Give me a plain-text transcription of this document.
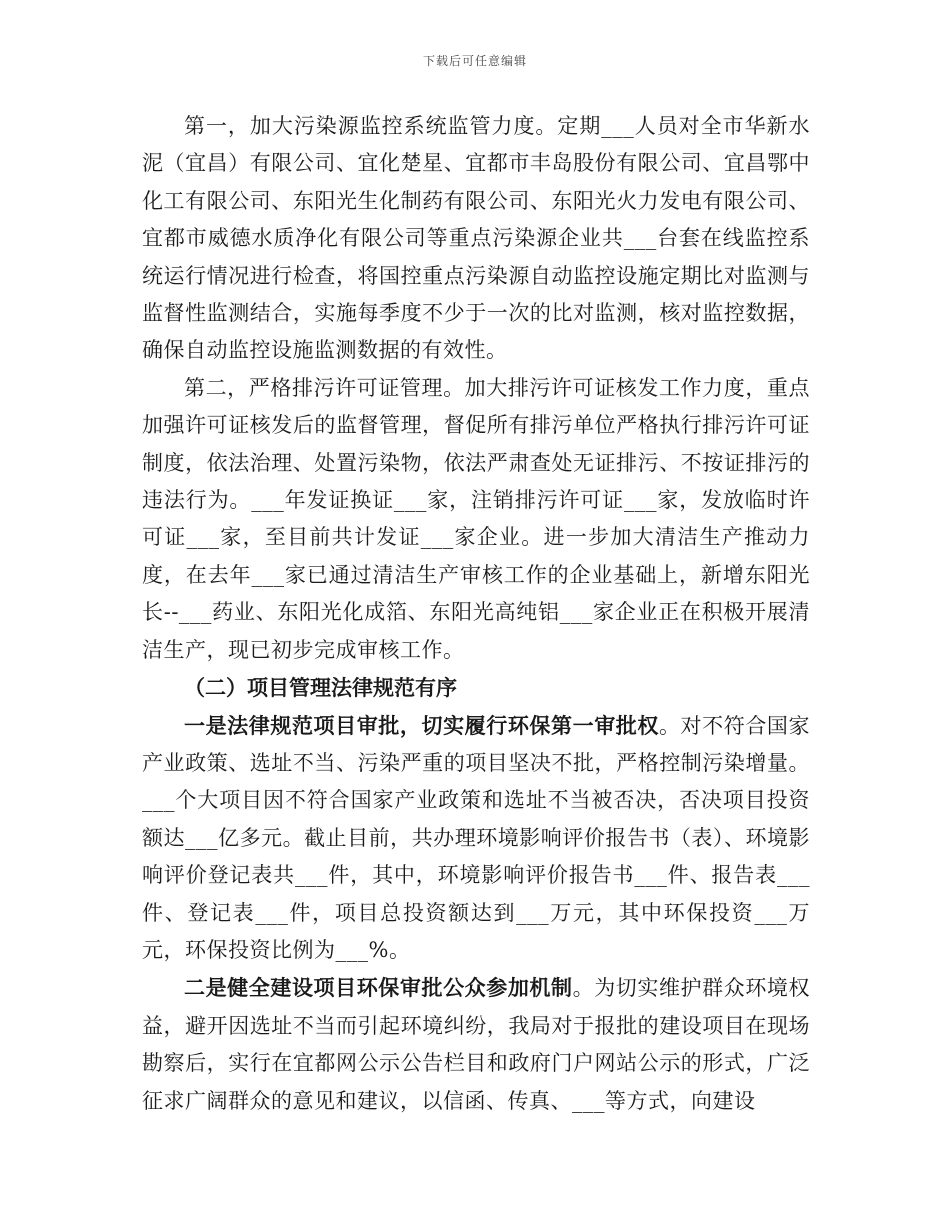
下载后可任意编辑

第一，加大污染源监控系统监管力度。定期___人员对全市华新水泥（宜昌）有限公司、宜化楚星、宜都市丰岛股份有限公司、宜昌鄂中化工有限公司、东阳光生化制药有限公司、东阳光火力发电有限公司、宜都市威德水质净化有限公司等重点污染源企业共___台套在线监控系统运行情况进行检查，将国控重点污染源自动监控设施定期比对监测与监督性监测结合，实施每季度不少于一次的比对监测，核对监控数据，确保自动监控设施监测数据的有效性。

第二，严格排污许可证管理。加大排污许可证核发工作力度，重点加强许可证核发后的监督管理，督促所有排污单位严格执行排污许可证制度，依法治理、处置污染物，依法严肃查处无证排污、不按证排污的违法行为。___年发证换证___家，注销排污许可证___家，发放临时许可证___家，至目前共计发证___家企业。进一步加大清洁生产推动力度，在去年___家已通过清洁生产审核工作的企业基础上，新增东阳光长--___药业、东阳光化成箔、东阳光高纯铝___家企业正在积极开展清洁生产，现已初步完成审核工作。

（二）项目管理法律规范有序

一是法律规范项目审批，切实履行环保第一审批权。对不符合国家产业政策、选址不当、污染严重的项目坚决不批，严格控制污染增量。___个大项目因不符合国家产业政策和选址不当被否决，否决项目投资额达___亿多元。截止目前，共办理环境影响评价报告书（表）、环境影响评价登记表共___件，其中，环境影响评价报告书___件、报告表___件、登记表___件，项目总投资额达到___万元，其中环保投资___万元，环保投资比例为___%。

二是健全建设项目环保审批公众参加机制。为切实维护群众环境权益，避开因选址不当而引起环境纠纷，我局对于报批的建设项目在现场勘察后，实行在宜都网公示公告栏目和政府门户网站公示的形式，广泛征求广阔群众的意见和建议，以信函、传真、___等方式，向建设
